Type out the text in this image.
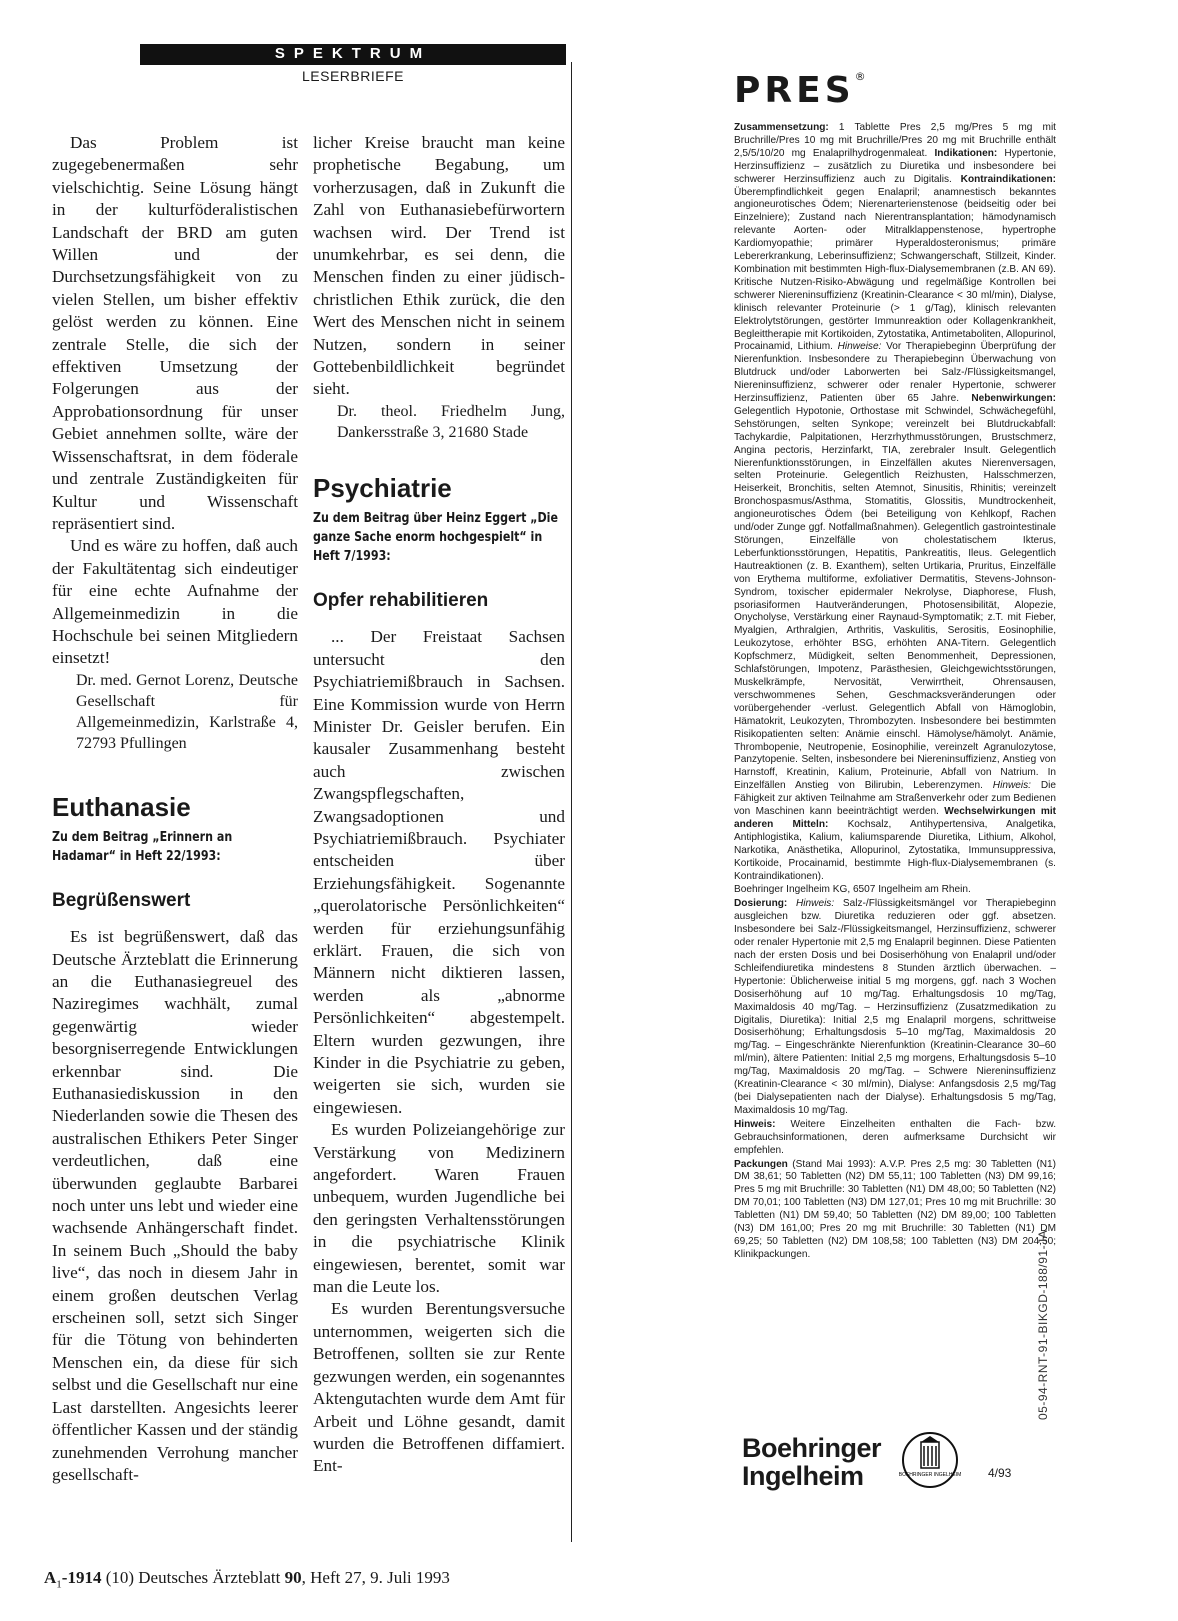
SPEKTRUM
LESERBRIEFE

Das Problem ist zugegebenermaßen sehr vielschichtig. Seine Lösung hängt in der kulturföderalistischen Landschaft der BRD am guten Willen und der Durchsetzungsfähigkeit von zu vielen Stellen, um bisher effektiv gelöst werden zu können. Eine zentrale Stelle, die sich der effektiven Umsetzung der Folgerungen aus der Approbationsordnung für unser Gebiet annehmen sollte, wäre der Wissenschaftsrat, in dem föderale und zentrale Zuständigkeiten für Kultur und Wissenschaft repräsentiert sind.

Und es wäre zu hoffen, daß auch der Fakultätentag sich eindeutiger für eine echte Aufnahme der Allgemeinmedizin in die Hochschule bei seinen Mitgliedern einsetzt!

Dr. med. Gernot Lorenz, Deutsche Gesellschaft für Allgemeinmedizin, Karlstraße 4, 72793 Pfullingen

Euthanasie
Zu dem Beitrag „Erinnern an Hadamar“ in Heft 22/1993:
Begrüßenswert

Es ist begrüßenswert, daß das Deutsche Ärzteblatt die Erinnerung an die Euthanasiegreuel des Naziregimes wachhält, zumal gegenwärtig wieder besorgniserregende Entwicklungen erkennbar sind. Die Euthanasiediskussion in den Niederlanden sowie die Thesen des australischen Ethikers Peter Singer verdeutlichen, daß eine überwunden geglaubte Barbarei noch unter uns lebt und wieder eine wachsende Anhängerschaft findet. In seinem Buch „Should the baby live“, das noch in diesem Jahr in einem großen deutschen Verlag erscheinen soll, setzt sich Singer für die Tötung von behinderten Menschen ein, da diese für sich selbst und die Gesellschaft nur eine Last darstellten. Angesichts leerer öffentlicher Kassen und der ständig zunehmenden Verrohung mancher gesellschaft-

licher Kreise braucht man keine prophetische Begabung, um vorherzusagen, daß in Zukunft die Zahl von Euthanasiebefürwortern wachsen wird. Der Trend ist unumkehrbar, es sei denn, die Menschen finden zu einer jüdisch-christlichen Ethik zurück, die den Wert des Menschen nicht in seinem Nutzen, sondern in seiner Gottebenbildlichkeit begründet sieht.

Dr. theol. Friedhelm Jung, Dankersstraße 3, 21680 Stade

Psychiatrie
Zu dem Beitrag über Heinz Eggert „Die ganze Sache enorm hochgespielt“ in Heft 7/1993:
Opfer rehabilitieren

... Der Freistaat Sachsen untersucht den Psychiatriemißbrauch in Sachsen. Eine Kommission wurde von Herrn Minister Dr. Geisler berufen. Ein kausaler Zusammenhang besteht auch zwischen Zwangspflegschaften, Zwangsadoptionen und Psychiatriemißbrauch. Psychiater entscheiden über Erziehungsfähigkeit. Sogenannte „querolatorische Persönlichkeiten“ werden für erziehungsunfähig erklärt. Frauen, die sich von Männern nicht diktieren lassen, werden als „abnorme Persönlichkeiten“ abgestempelt. Eltern wurden gezwungen, ihre Kinder in die Psychiatrie zu geben, weigerten sie sich, wurden sie eingewiesen.

Es wurden Polizeiangehörige zur Verstärkung von Medizinern angefordert. Waren Frauen unbequem, wurden Jugendliche bei den geringsten Verhaltensstörungen in die psychiatrische Klinik eingewiesen, berentet, somit war man die Leute los.

Es wurden Berentungsversuche unternommen, weigerten sich die Betroffenen, sollten sie zur Rente gezwungen werden, ein sogenanntes Aktengutachten wurde dem Amt für Arbeit und Löhne gesandt, damit wurden die Betroffenen diffamiert. Ent-

$A_1-1914$ (10) Deutsches Ärzteblatt 90, Heft 27, 9. Juli 1993
PRES®

Zusammensetzung: 1 Tablette Pres 2,5 mg/Pres 5 mg mit Bruchrille/Pres 10 mg mit Bruchrille/Pres 20 mg mit Bruchrille enthält 2,5/5/10/20 mg Enalaprilhydrogenmaleat. Indikationen: Hypertonie, Herzinsuffizienz – zusätzlich zu Diuretika und insbesondere bei schwerer Herzinsuffizienz auch zu Digitalis. Kontraindikationen: Überempfindlichkeit gegen Enalapril; anamnestisch bekanntes angioneurotisches Ödem; Nierenarterienstenose (beidseitig oder bei Einzelniere); Zustand nach Nierentransplantation; hämodynamisch relevante Aorten- oder Mitralklappenstenose, hypertrophe Kardiomyopathie; primärer Hyperaldosteronismus; primäre Lebererkrankung, Leberinsuffizienz; Schwangerschaft, Stillzeit, Kinder. Kombination mit bestimmten High-flux-Dialysemembranen (z.B. AN 69). Kritische Nutzen-Risiko-Abwägung und regelmäßige Kontrollen bei schwerer Niereninsuffizienz (Kreatinin-Clearance < 30 ml/min), Dialyse, klinisch relevanter Proteinurie (> 1 g/Tag), klinisch relevanten Elektrolytstörungen, gestörter Immunreaktion oder Kollagenkrankheit, Begleittherapie mit Kortikoiden, Zytostatika, Antimetaboliten, Allopurinol, Procainamid, Lithium. Hinweise: Vor Therapiebeginn Überprüfung der Nierenfunktion. Insbesondere zu Therapiebeginn Überwachung von Blutdruck und/oder Laborwerten bei Salz-/Flüssigkeitsmangel, Niereninsuffizienz, schwerer oder renaler Hypertonie, schwerer Herzinsuffizienz, Patienten über 65 Jahre. Nebenwirkungen: Gelegentlich Hypotonie, Orthostase mit Schwindel, Schwächegefühl, Sehstörungen, selten Synkope; vereinzelt bei Blutdruckabfall: Tachykardie, Palpitationen, Herzrhythmusstörungen, Brustschmerz, Angina pectoris, Herzinfarkt, TIA, zerebraler Insult. Gelegentlich Nierenfunktionsstörungen, in Einzelfällen akutes Nierenversagen, selten Proteinurie. Gelegentlich Reizhusten, Halsschmerzen, Heiserkeit, Bronchitis, selten Atemnot, Sinusitis, Rhinitis; vereinzelt Bronchospasmus/Asthma, Stomatitis, Glossitis, Mundtrockenheit, angioneurotisches Ödem (bei Beteiligung von Kehlkopf, Rachen und/oder Zunge ggf. Notfallmaßnahmen). Gelegentlich gastrointestinale Störungen, Einzelfälle von cholestatischem Ikterus, Leberfunktionsstörungen, Hepatitis, Pankreatitis, Ileus. Gelegentlich Hautreaktionen (z. B. Exanthem), selten Urtikaria, Pruritus, Einzelfälle von Erythema multiforme, exfoliativer Dermatitis, Stevens-Johnson-Syndrom, toxischer epidermaler Nekrolyse, Diaphorese, Flush, psoriasiformen Hautveränderungen, Photosensibilität, Alopezie, Onycholyse, Verstärkung einer Raynaud-Symptomatik; z.T. mit Fieber, Myalgien, Arthralgien, Arthritis, Vaskulitis, Serositis, Eosinophilie, Leukozytose, erhöhter BSG, erhöhten ANA-Titern. Gelegentlich Kopfschmerz, Müdigkeit, selten Benommenheit, Depressionen, Schlafstörungen, Impotenz, Parästhesien, Gleichgewichtsstörungen, Muskelkrämpfe, Nervosität, Verwirrtheit, Ohrensausen, verschwommenes Sehen, Geschmacksveränderungen oder vorübergehender -verlust. Gelegentlich Abfall von Hämoglobin, Hämatokrit, Leukozyten, Thrombozyten. Insbesondere bei bestimmten Risikopatienten selten: Anämie einschl. Hämolyse/hämolyt. Anämie, Thrombopenie, Neutropenie, Eosinophilie, vereinzelt Agranulozytose, Panzytopenie. Selten, insbesondere bei Niereninsuffizienz, Anstieg von Harnstoff, Kreatinin, Kalium, Proteinurie, Abfall von Natrium. In Einzelfällen Anstieg von Bilirubin, Leberenzymen. Hinweis: Die Fähigkeit zur aktiven Teilnahme am Straßenverkehr oder zum Bedienen von Maschinen kann beeinträchtigt werden. Wechselwirkungen mit anderen Mitteln: Kochsalz, Antihypertensiva, Analgetika, Antiphlogistika, Kalium, kaliumsparende Diuretika, Lithium, Alkohol, Narkotika, Anästhetika, Allopurinol, Zytostatika, Immunsuppressiva, Kortikoide, Procainamid, bestimmte High-flux-Dialysemembranen (s. Kontraindikationen).

Boehringer Ingelheim KG, 6507 Ingelheim am Rhein.

Dosierung: Hinweis: Salz-/Flüssigkeitsmängel vor Therapiebeginn ausgleichen bzw. Diuretika reduzieren oder ggf. absetzen. Insbesondere bei Salz-/Flüssigkeitsmangel, Herzinsuffizienz, schwerer oder renaler Hypertonie mit 2,5 mg Enalapril beginnen. Diese Patienten nach der ersten Dosis und bei Dosiserhöhung von Enalapril und/oder Schleifendiuretika mindestens 8 Stunden ärztlich überwachen. – Hypertonie: Üblicherweise initial 5 mg morgens, ggf. nach 3 Wochen Dosiserhöhung auf 10 mg/Tag. Erhaltungsdosis 10 mg/Tag, Maximaldosis 40 mg/Tag. – Herzinsuffizienz (Zusatzmedikation zu Digitalis, Diuretika): Initial 2,5 mg Enalapril morgens, schrittweise Dosiserhöhung; Erhaltungsdosis 5–10 mg/Tag, Maximaldosis 20 mg/Tag. – Eingeschränkte Nierenfunktion (Kreatinin-Clearance 30–60 ml/min), ältere Patienten: Initial 2,5 mg morgens, Erhaltungsdosis 5–10 mg/Tag, Maximaldosis 20 mg/Tag. – Schwere Niereninsuffizienz (Kreatinin-Clearance < 30 ml/min), Dialyse: Anfangsdosis 2,5 mg/Tag (bei Dialysepatienten nach der Dialyse). Erhaltungsdosis 5 mg/Tag, Maximaldosis 10 mg/Tag.

Hinweis: Weitere Einzelheiten enthalten die Fach- bzw. Gebrauchsinformationen, deren aufmerksame Durchsicht wir empfehlen.

Packungen (Stand Mai 1993): A.V.P. Pres 2,5 mg: 30 Tabletten (N1) DM 38,61; 50 Tabletten (N2) DM 55,11; 100 Tabletten (N3) DM 99,16; Pres 5 mg mit Bruchrille: 30 Tabletten (N1) DM 48,00; 50 Tabletten (N2) DM 70,01; 100 Tabletten (N3) DM 127,01; Pres 10 mg mit Bruchrille: 30 Tabletten (N1) DM 59,40; 50 Tabletten (N2) DM 89,00; 100 Tabletten (N3) DM 161,00; Pres 20 mg mit Bruchrille: 30 Tabletten (N1) DM 69,25; 50 Tabletten (N2) DM 108,58; 100 Tabletten (N3) DM 204,50; Klinikpackungen.

Boehringer
Ingelheim	BOEHRINGER INGELHEIM 4/93
05-94-RNT-91-BIKGD-188/91-JA
